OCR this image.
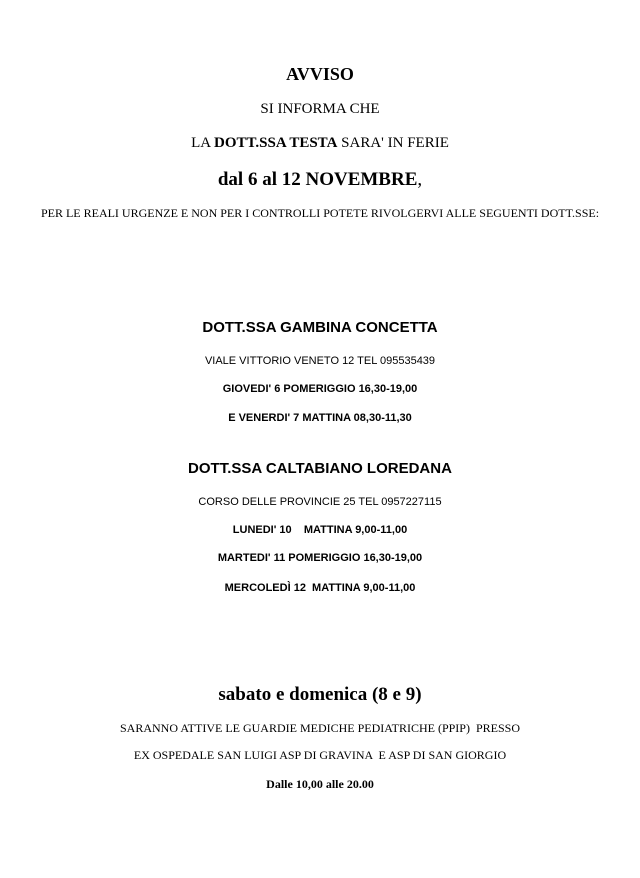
AVVISO
SI INFORMA CHE
LA DOTT.SSA TESTA SARA' IN FERIE
dal 6 al 12 NOVEMBRE,
PER LE REALI URGENZE E NON PER I CONTROLLI POTETE RIVOLGERVI ALLE SEGUENTI DOTT.SSE:
DOTT.SSA GAMBINA CONCETTA
VIALE VITTORIO VENETO 12 TEL 095535439
GIOVEDI' 6 POMERIGGIO 16,30-19,00
E VENERDI' 7 MATTINA 08,30-11,30
DOTT.SSA CALTABIANO LOREDANA
CORSO DELLE PROVINCIE 25 TEL 0957227115
LUNEDI' 10    MATTINA 9,00-11,00
MARTEDI' 11 POMERIGGIO 16,30-19,00
MERCOLEDÌ 12  MATTINA 9,00-11,00
sabato e domenica (8 e 9)
SARANNO ATTIVE LE GUARDIE MEDICHE PEDIATRICHE (PPIP)  PRESSO
EX OSPEDALE SAN LUIGI ASP DI GRAVINA  E ASP DI SAN GIORGIO
Dalle 10,00 alle 20.00
